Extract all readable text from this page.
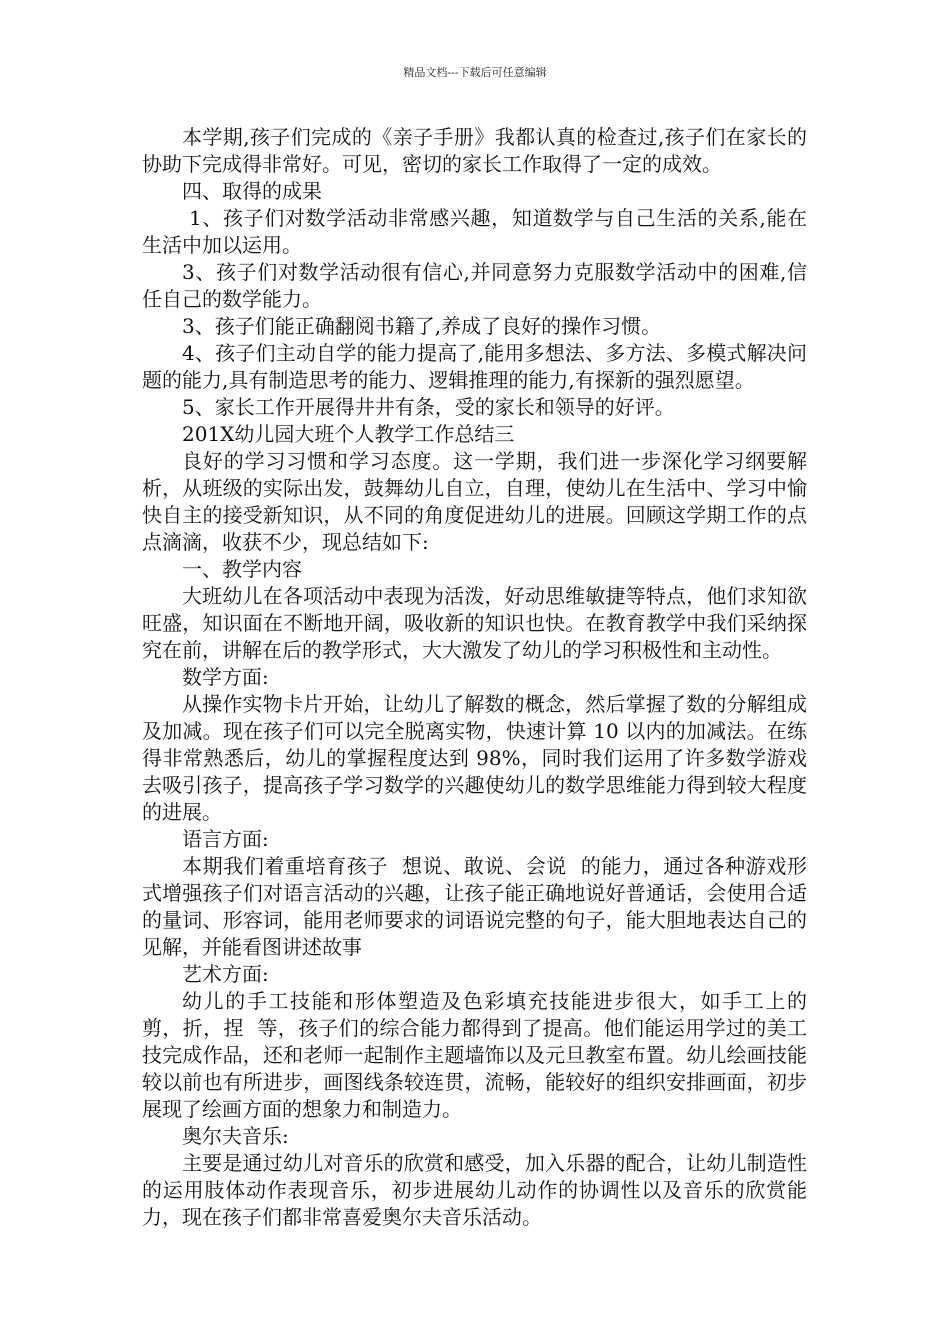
精品文档---下载后可任意编辑

本学期,孩子们完成的《亲子手册》我都认真的检查过,孩子们在家长的协助下完成得非常好。可见，密切的家长工作取得了一定的成效。

四、取得的成果

1、孩子们对数学活动非常感兴趣，知道数学与自己生活的关系,能在生活中加以运用。

3、孩子们对数学活动很有信心,并同意努力克服数学活动中的困难,信任自己的数学能力。

3、孩子们能正确翻阅书籍了,养成了良好的操作习惯。

4、孩子们主动自学的能力提高了,能用多想法、多方法、多模式解决问题的能力,具有制造思考的能力、逻辑推理的能力,有探新的强烈愿望。

5、家长工作开展得井井有条，受的家长和领导的好评。

201X幼儿园大班个人教学工作总结三

良好的学习习惯和学习态度。这一学期，我们进一步深化学习纲要解析，从班级的实际出发，鼓舞幼儿自立，自理，使幼儿在生活中、学习中愉快自主的接受新知识，从不同的角度促进幼儿的进展。回顾这学期工作的点点滴滴，收获不少，现总结如下:

一、教学内容

大班幼儿在各项活动中表现为活泼，好动思维敏捷等特点，他们求知欲旺盛，知识面在不断地开阔，吸收新的知识也快。在教育教学中我们采纳探究在前，讲解在后的教学形式，大大激发了幼儿的学习积极性和主动性。

数学方面:

从操作实物卡片开始，让幼儿了解数的概念，然后掌握了数的分解组成及加减。现在孩子们可以完全脱离实物，快速计算 10 以内的加减法。在练得非常熟悉后，幼儿的掌握程度达到 98%，同时我们运用了许多数学游戏去吸引孩子，提高孩子学习数学的兴趣使幼儿的数学思维能力得到较大程度的进展。

语言方面:

本期我们着重培育孩子  想说、敢说、会说  的能力，通过各种游戏形式增强孩子们对语言活动的兴趣，让孩子能正确地说好普通话，会使用合适的量词、形容词，能用老师要求的词语说完整的句子，能大胆地表达自己的见解，并能看图讲述故事

艺术方面:

幼儿的手工技能和形体塑造及色彩填充技能进步很大，如手工上的  剪，折，捏  等，孩子们的综合能力都得到了提高。他们能运用学过的美工技完成作品，还和老师一起制作主题墙饰以及元旦教室布置。幼儿绘画技能较以前也有所进步，画图线条较连贯，流畅，能较好的组织安排画面，初步展现了绘画方面的想象力和制造力。

奥尔夫音乐:

主要是通过幼儿对音乐的欣赏和感受，加入乐器的配合，让幼儿制造性的运用肢体动作表现音乐，初步进展幼儿动作的协调性以及音乐的欣赏能力，现在孩子们都非常喜爱奥尔夫音乐活动。
